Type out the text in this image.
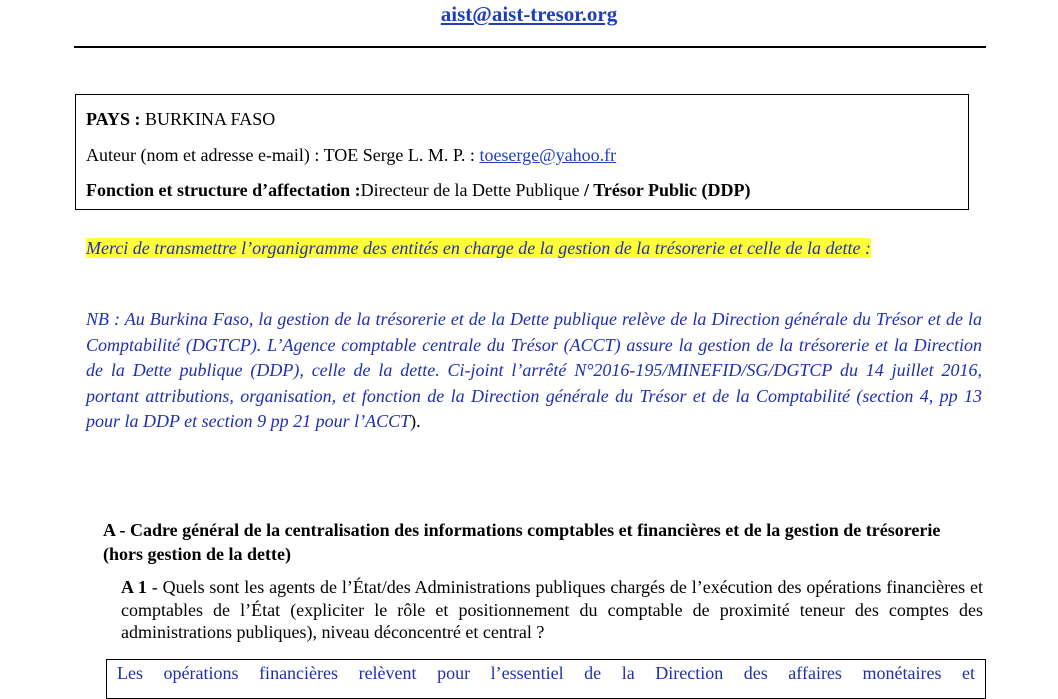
aist@aist-tresor.org

PAYS : BURKINA FASO

Auteur (nom et adresse e-mail) : TOE Serge L. M. P. : toeserge@yahoo.fr

Fonction et structure d’affectation :Directeur de la Dette Publique / Trésor Public (DDP)

Merci de transmettre l’organigramme des entités en charge de la gestion de la trésorerie et celle de la dette :
NB : Au Burkina Faso, la gestion de la trésorerie et de la Dette publique relève de la Direction générale du Trésor et de la Comptabilité (DGTCP). L’Agence comptable centrale du Trésor (ACCT) assure la gestion de la trésorerie et la Direction de la Dette publique (DDP), celle de la dette. Ci-joint l’arrêté N°2016-195/MINEFID/SG/DGTCP du 14 juillet 2016, portant attributions, organisation, et fonction de la Direction générale du Trésor et de la Comptabilité (section 4, pp 13 pour la DDP et section 9 pp 21 pour l’ACCT).
A - Cadre général de la centralisation des informations comptables et financières et de la gestion de trésorerie (hors gestion de la dette)
A 1 - Quels sont les agents de l’État/des Administrations publiques chargés de l’exécution des opérations financières et comptables de l’État (expliciter le rôle et positionnement du comptable de proximité teneur des comptes des administrations publiques), niveau déconcentré et central ?
Les opérations financières relèvent pour l’essentiel de la Direction des affaires monétaires et
